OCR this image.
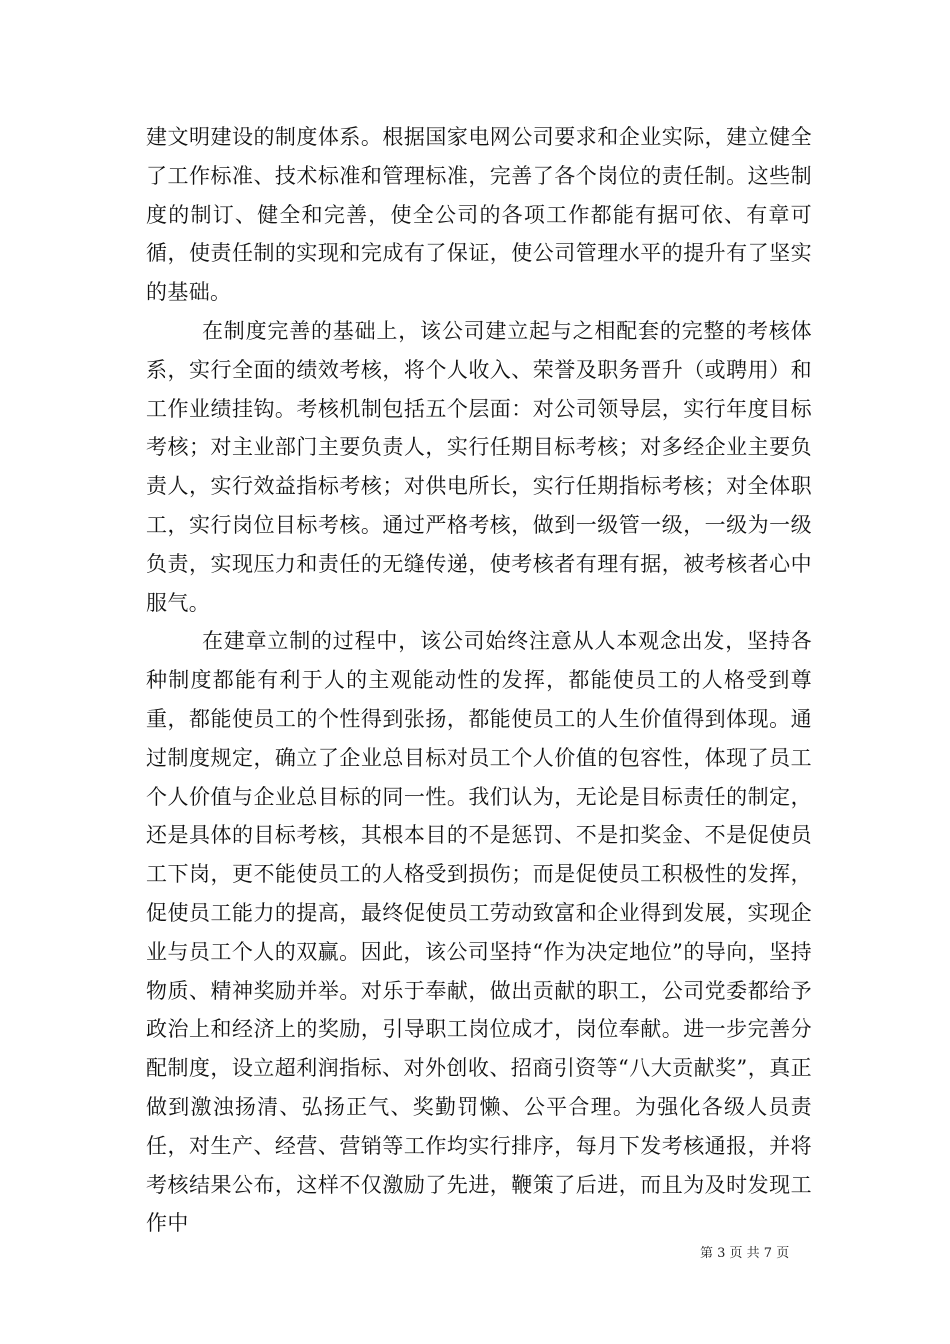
建文明建设的制度体系。根据国家电网公司要求和企业实际，建立健全了工作标准、技术标准和管理标准，完善了各个岗位的责任制。这些制度的制订、健全和完善，使全公司的各项工作都能有据可依、有章可循，使责任制的实现和完成有了保证，使公司管理水平的提升有了坚实的基础。

在制度完善的基础上，该公司建立起与之相配套的完整的考核体系，实行全面的绩效考核，将个人收入、荣誉及职务晋升（或聘用）和工作业绩挂钩。考核机制包括五个层面：对公司领导层，实行年度目标考核；对主业部门主要负责人，实行任期目标考核；对多经企业主要负责人，实行效益指标考核；对供电所长，实行任期指标考核；对全体职工，实行岗位目标考核。通过严格考核，做到一级管一级，一级为一级负责，实现压力和责任的无缝传递，使考核者有理有据，被考核者心中服气。

在建章立制的过程中，该公司始终注意从人本观念出发，坚持各种制度都能有利于人的主观能动性的发挥，都能使员工的人格受到尊重，都能使员工的个性得到张扬，都能使员工的人生价值得到体现。通过制度规定，确立了企业总目标对员工个人价值的包容性，体现了员工个人价值与企业总目标的同一性。我们认为，无论是目标责任的制定，还是具体的目标考核，其根本目的不是惩罚、不是扣奖金、不是促使员工下岗，更不能使员工的人格受到损伤；而是促使员工积极性的发挥，促使员工能力的提高，最终促使员工劳动致富和企业得到发展，实现企业与员工个人的双赢。因此，该公司坚持“作为决定地位”的导向，坚持物质、精神奖励并举。对乐于奉献，做出贡献的职工，公司党委都给予政治上和经济上的奖励，引导职工岗位成才，岗位奉献。进一步完善分配制度，设立超利润指标、对外创收、招商引资等“八大贡献奖”，真正做到激浊扬清、弘扬正气、奖勤罚懒、公平合理。为强化各级人员责任，对生产、经营、营销等工作均实行排序，每月下发考核通报，并将考核结果公布，这样不仅激励了先进，鞭策了后进，而且为及时发现工作中

第 3 页 共 7 页
